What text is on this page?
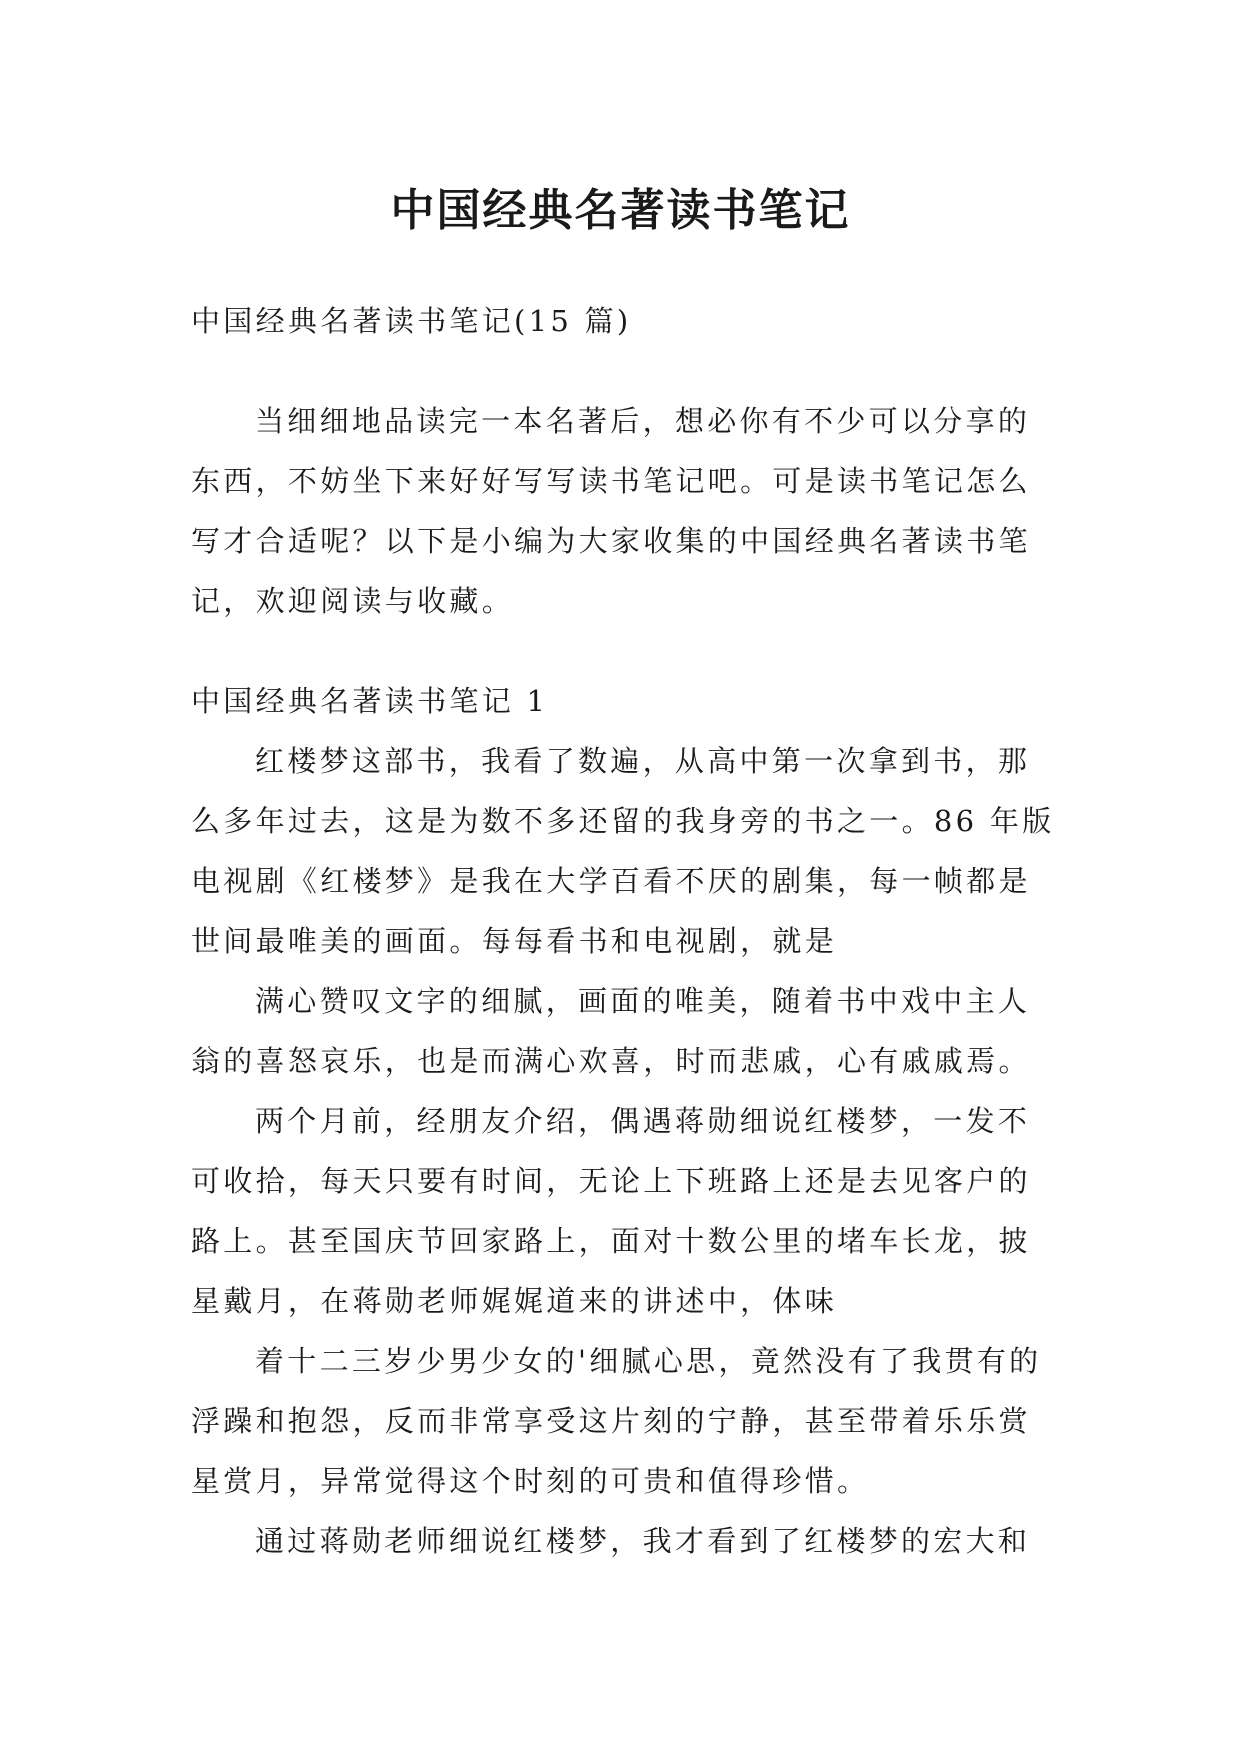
中国经典名著读书笔记

中国经典名著读书笔记(15 篇)

当细细地品读完一本名著后，想必你有不少可以分享的东西，不妨坐下来好好写写读书笔记吧。可是读书笔记怎么写才合适呢？以下是小编为大家收集的中国经典名著读书笔记，欢迎阅读与收藏。

中国经典名著读书笔记 1

红楼梦这部书，我看了数遍，从高中第一次拿到书，那么多年过去，这是为数不多还留的我身旁的书之一。86 年版电视剧《红楼梦》是我在大学百看不厌的剧集，每一帧都是世间最唯美的画面。每每看书和电视剧，就是

满心赞叹文字的细腻，画面的唯美，随着书中戏中主人翁的喜怒哀乐，也是而满心欢喜，时而悲戚，心有戚戚焉。

两个月前，经朋友介绍，偶遇蒋勋细说红楼梦，一发不可收拾，每天只要有时间，无论上下班路上还是去见客户的路上。甚至国庆节回家路上，面对十数公里的堵车长龙，披星戴月，在蒋勋老师娓娓道来的讲述中，体味

着十二三岁少男少女的'细腻心思，竟然没有了我贯有的浮躁和抱怨，反而非常享受这片刻的宁静，甚至带着乐乐赏星赏月，异常觉得这个时刻的可贵和值得珍惜。

通过蒋勋老师细说红楼梦，我才看到了红楼梦的宏大和
